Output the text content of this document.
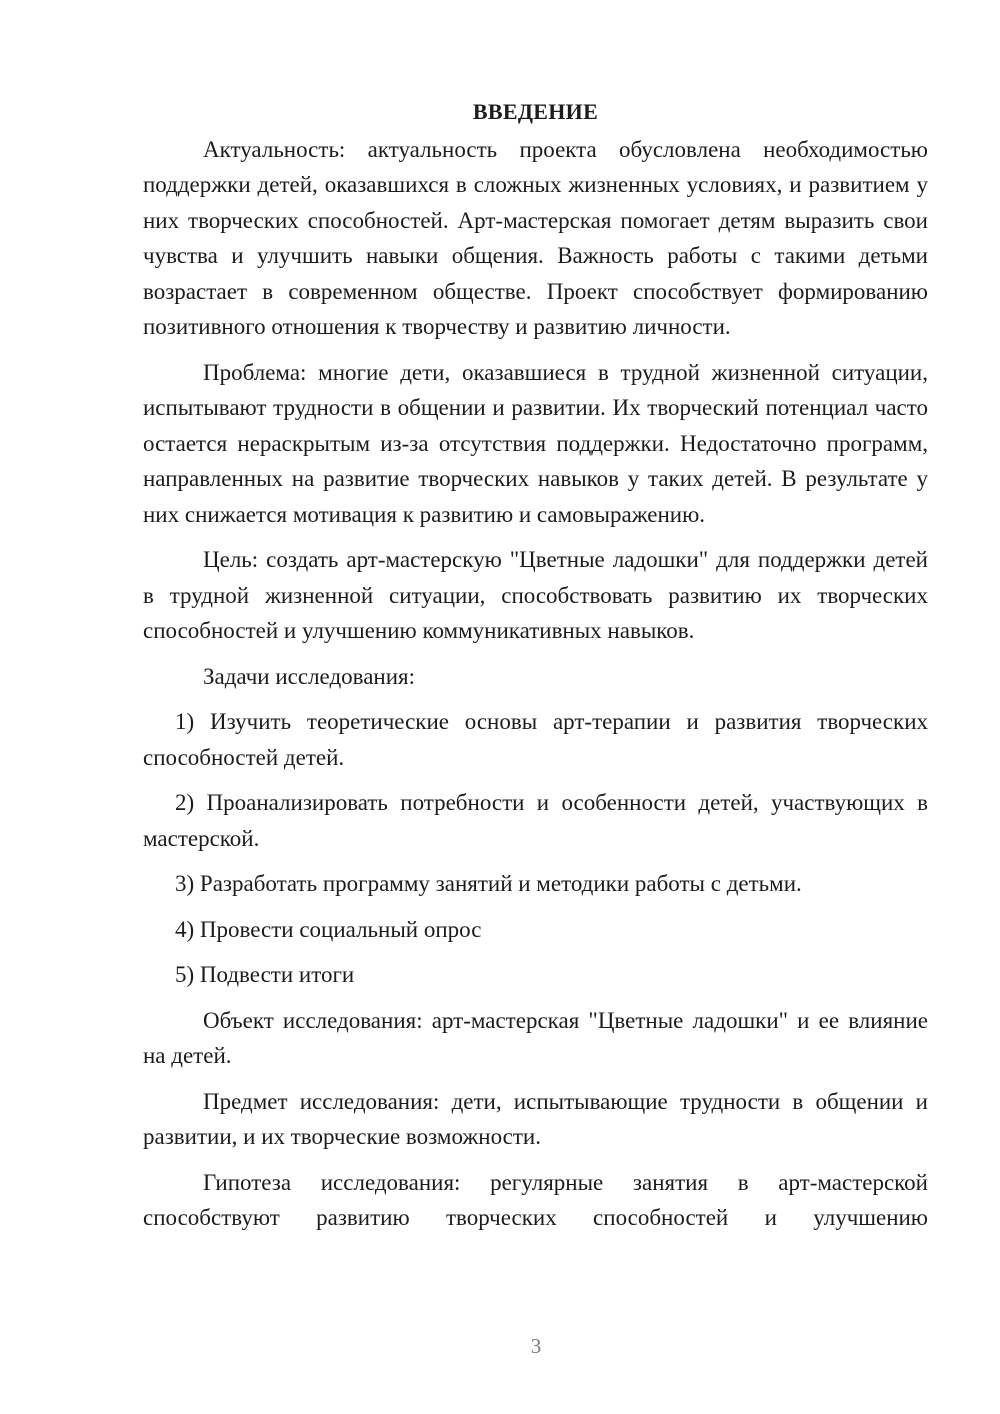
ВВЕДЕНИЕ

Актуальность: актуальность проекта обусловлена необходимостью поддержки детей, оказавшихся в сложных жизненных условиях, и развитием у них творческих способностей. Арт-мастерская помогает детям выразить свои чувства и улучшить навыки общения. Важность работы с такими детьми возрастает в современном обществе. Проект способствует формированию позитивного отношения к творчеству и развитию личности.

Проблема: многие дети, оказавшиеся в трудной жизненной ситуации, испытывают трудности в общении и развитии. Их творческий потенциал часто остается нераскрытым из-за отсутствия поддержки. Недостаточно программ, направленных на развитие творческих навыков у таких детей. В результате у них снижается мотивация к развитию и самовыражению.

Цель: создать арт-мастерскую "Цветные ладошки" для поддержки детей в трудной жизненной ситуации, способствовать развитию их творческих способностей и улучшению коммуникативных навыков.

Задачи исследования:

1) Изучить теоретические основы арт-терапии и развития творческих способностей детей.

2) Проанализировать потребности и особенности детей, участвующих в мастерской.

3) Разработать программу занятий и методики работы с детьми.

4) Провести социальный опрос

5) Подвести итоги

Объект исследования: арт-мастерская "Цветные ладошки" и ее влияние на детей.

Предмет исследования: дети, испытывающие трудности в общении и развитии, и их творческие возможности.

Гипотеза исследования: регулярные занятия в арт-мастерской способствуют развитию творческих способностей и улучшению

3
